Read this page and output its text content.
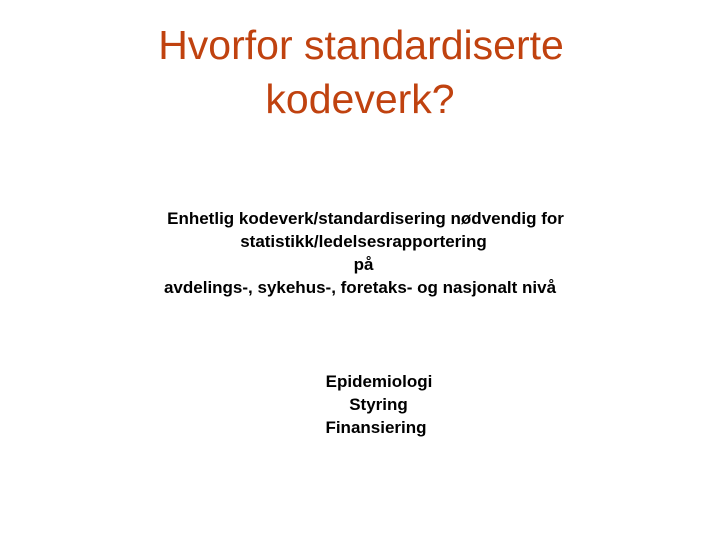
Hvorfor standardiserte
kodeverk?
Enhetlig kodeverk/standardisering nødvendig for
statistikk/ledelsesrapportering
på
avdelings-, sykehus-, foretaks- og nasjonalt nivå
Epidemiologi
Styring
Finansiering
